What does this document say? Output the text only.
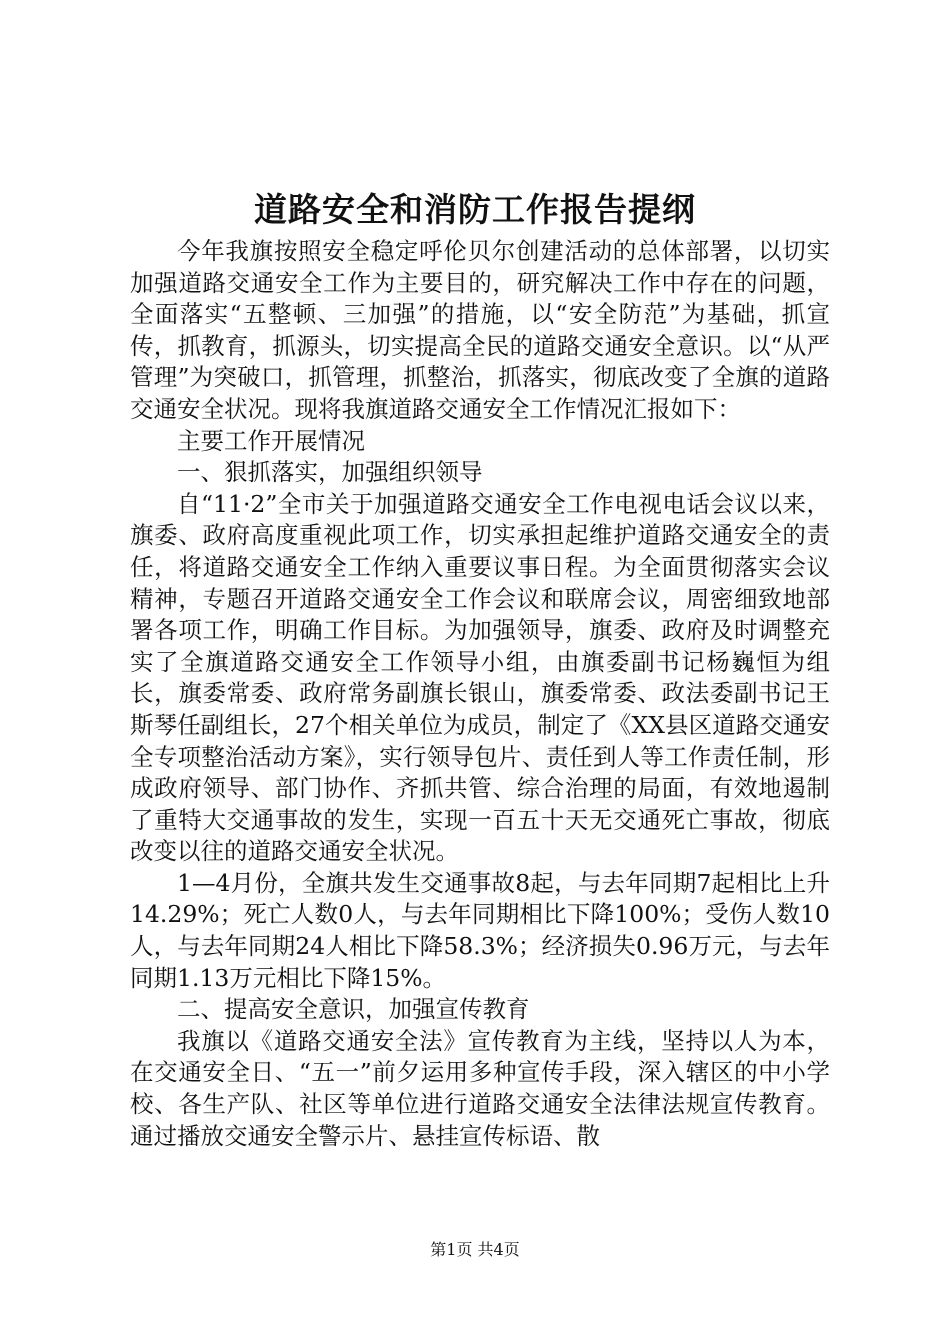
道路安全和消防工作报告提纲

今年我旗按照安全稳定呼伦贝尔创建活动的总体部署，以切实加强道路交通安全工作为主要目的，研究解决工作中存在的问题，全面落实“五整顿、三加强”的措施，以“安全防范”为基础，抓宣传，抓教育，抓源头，切实提高全民的道路交通安全意识。以“从严管理”为突破口，抓管理，抓整治，抓落实，彻底改变了全旗的道路交通安全状况。现将我旗道路交通安全工作情况汇报如下：

主要工作开展情况

一、狠抓落实，加强组织领导

自“11·2”全市关于加强道路交通安全工作电视电话会议以来，旗委、政府高度重视此项工作，切实承担起维护道路交通安全的责任，将道路交通安全工作纳入重要议事日程。为全面贯彻落实会议精神，专题召开道路交通安全工作会议和联席会议，周密细致地部署各项工作，明确工作目标。为加强领导，旗委、政府及时调整充实了全旗道路交通安全工作领导小组，由旗委副书记杨巍恒为组长，旗委常委、政府常务副旗长银山，旗委常委、政法委副书记王斯琴任副组长，27个相关单位为成员，制定了《XX县区道路交通安全专项整治活动方案》，实行领导包片、责任到人等工作责任制，形成政府领导、部门协作、齐抓共管、综合治理的局面，有效地遏制了重特大交通事故的发生，实现一百五十天无交通死亡事故，彻底改变以往的道路交通安全状况。

1—4月份，全旗共发生交通事故8起，与去年同期7起相比上升14.29%；死亡人数0人，与去年同期相比下降100%；受伤人数10人，与去年同期24人相比下降58.3%；经济损失0.96万元，与去年同期1.13万元相比下降15%。

二、提高安全意识，加强宣传教育

我旗以《道路交通安全法》宣传教育为主线，坚持以人为本，在交通安全日、“五一”前夕运用多种宣传手段，深入辖区的中小学校、各生产队、社区等单位进行道路交通安全法律法规宣传教育。通过播放交通安全警示片、悬挂宣传标语、散

第1页 共4页
